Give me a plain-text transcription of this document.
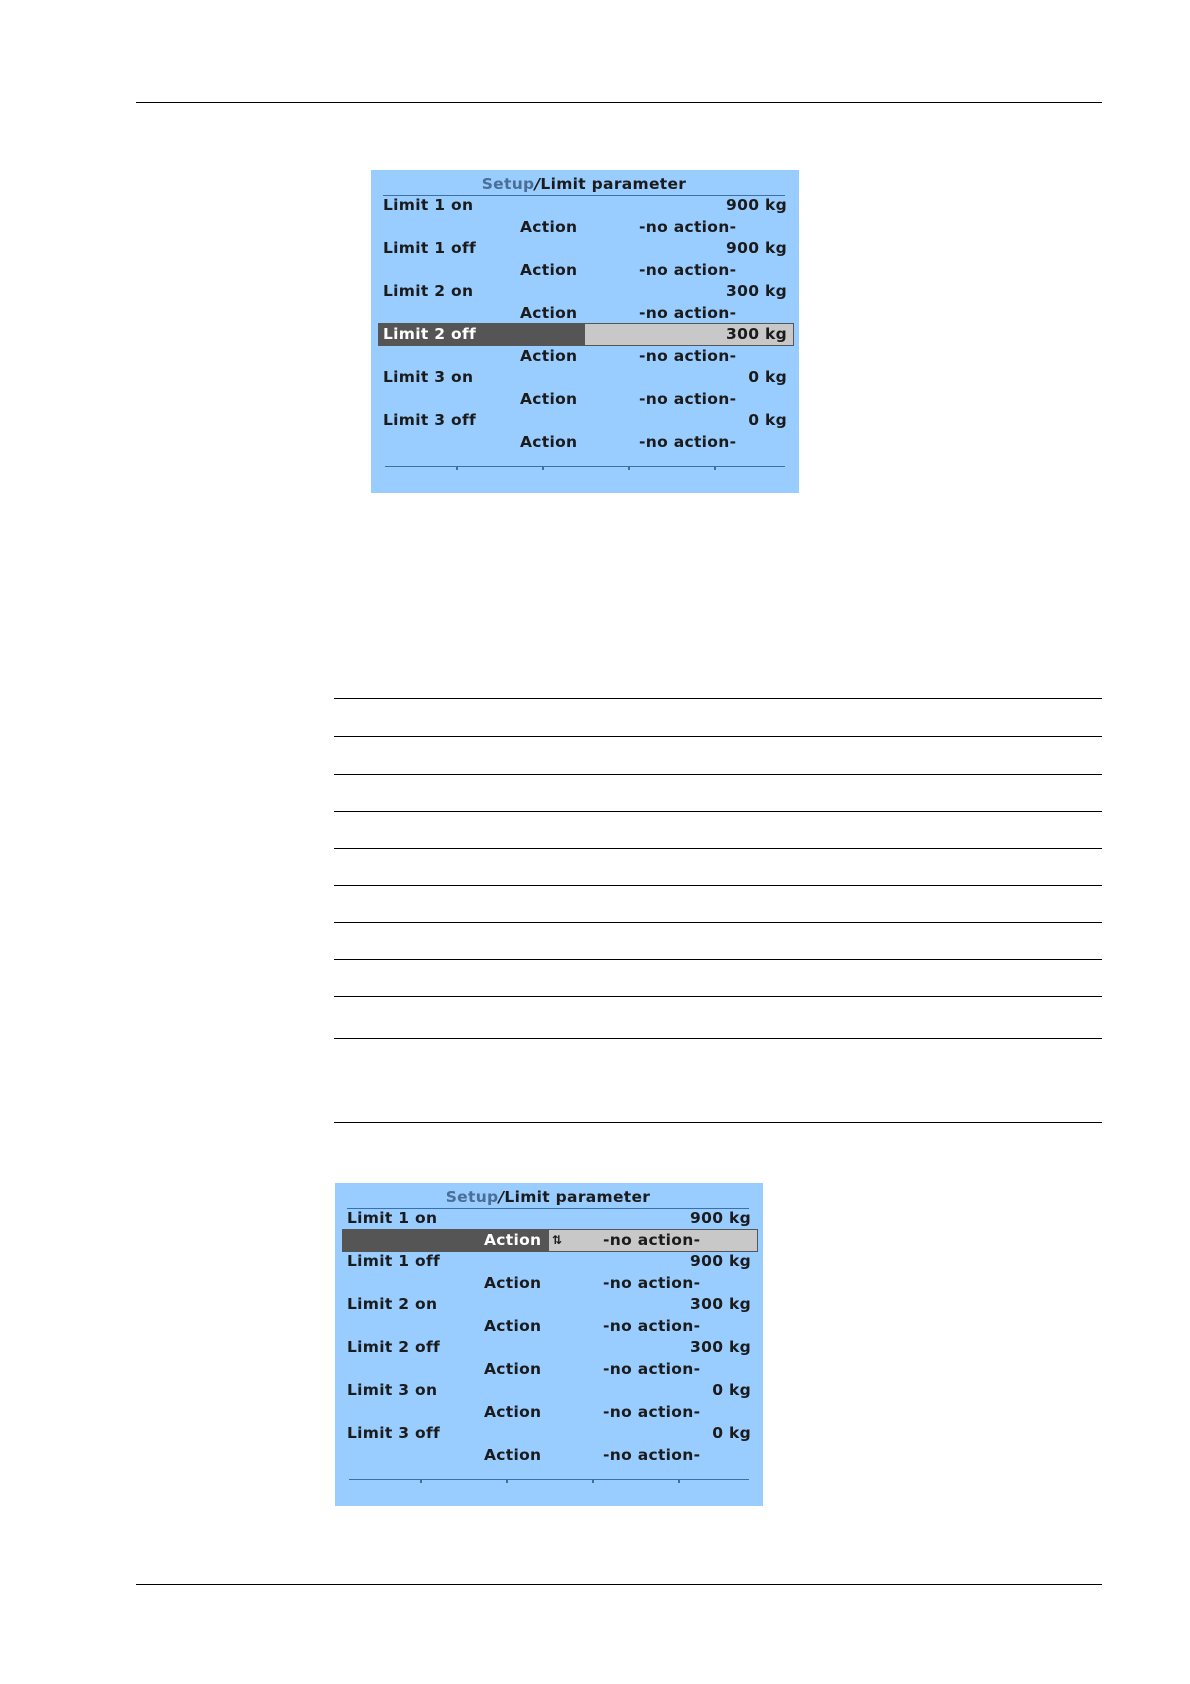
Setup/Limit parameter
Limit 1 on	900 kg
Action	-no action-
Limit 1 off	900 kg
Action	-no action-
Limit 2 on	300 kg
Action	-no action-
Limit 2 off	300 kg
Action	-no action-
Limit 3 on	0 kg
Action	-no action-
Limit 3 off	0 kg
Action	-no action-
Setup/Limit parameter
Limit 1 on	900 kg
Action ⇅	-no action-
Limit 1 off	900 kg
Action	-no action-
Limit 2 on	300 kg
Action	-no action-
Limit 2 off	300 kg
Action	-no action-
Limit 3 on	0 kg
Action	-no action-
Limit 3 off	0 kg
Action	-no action-
